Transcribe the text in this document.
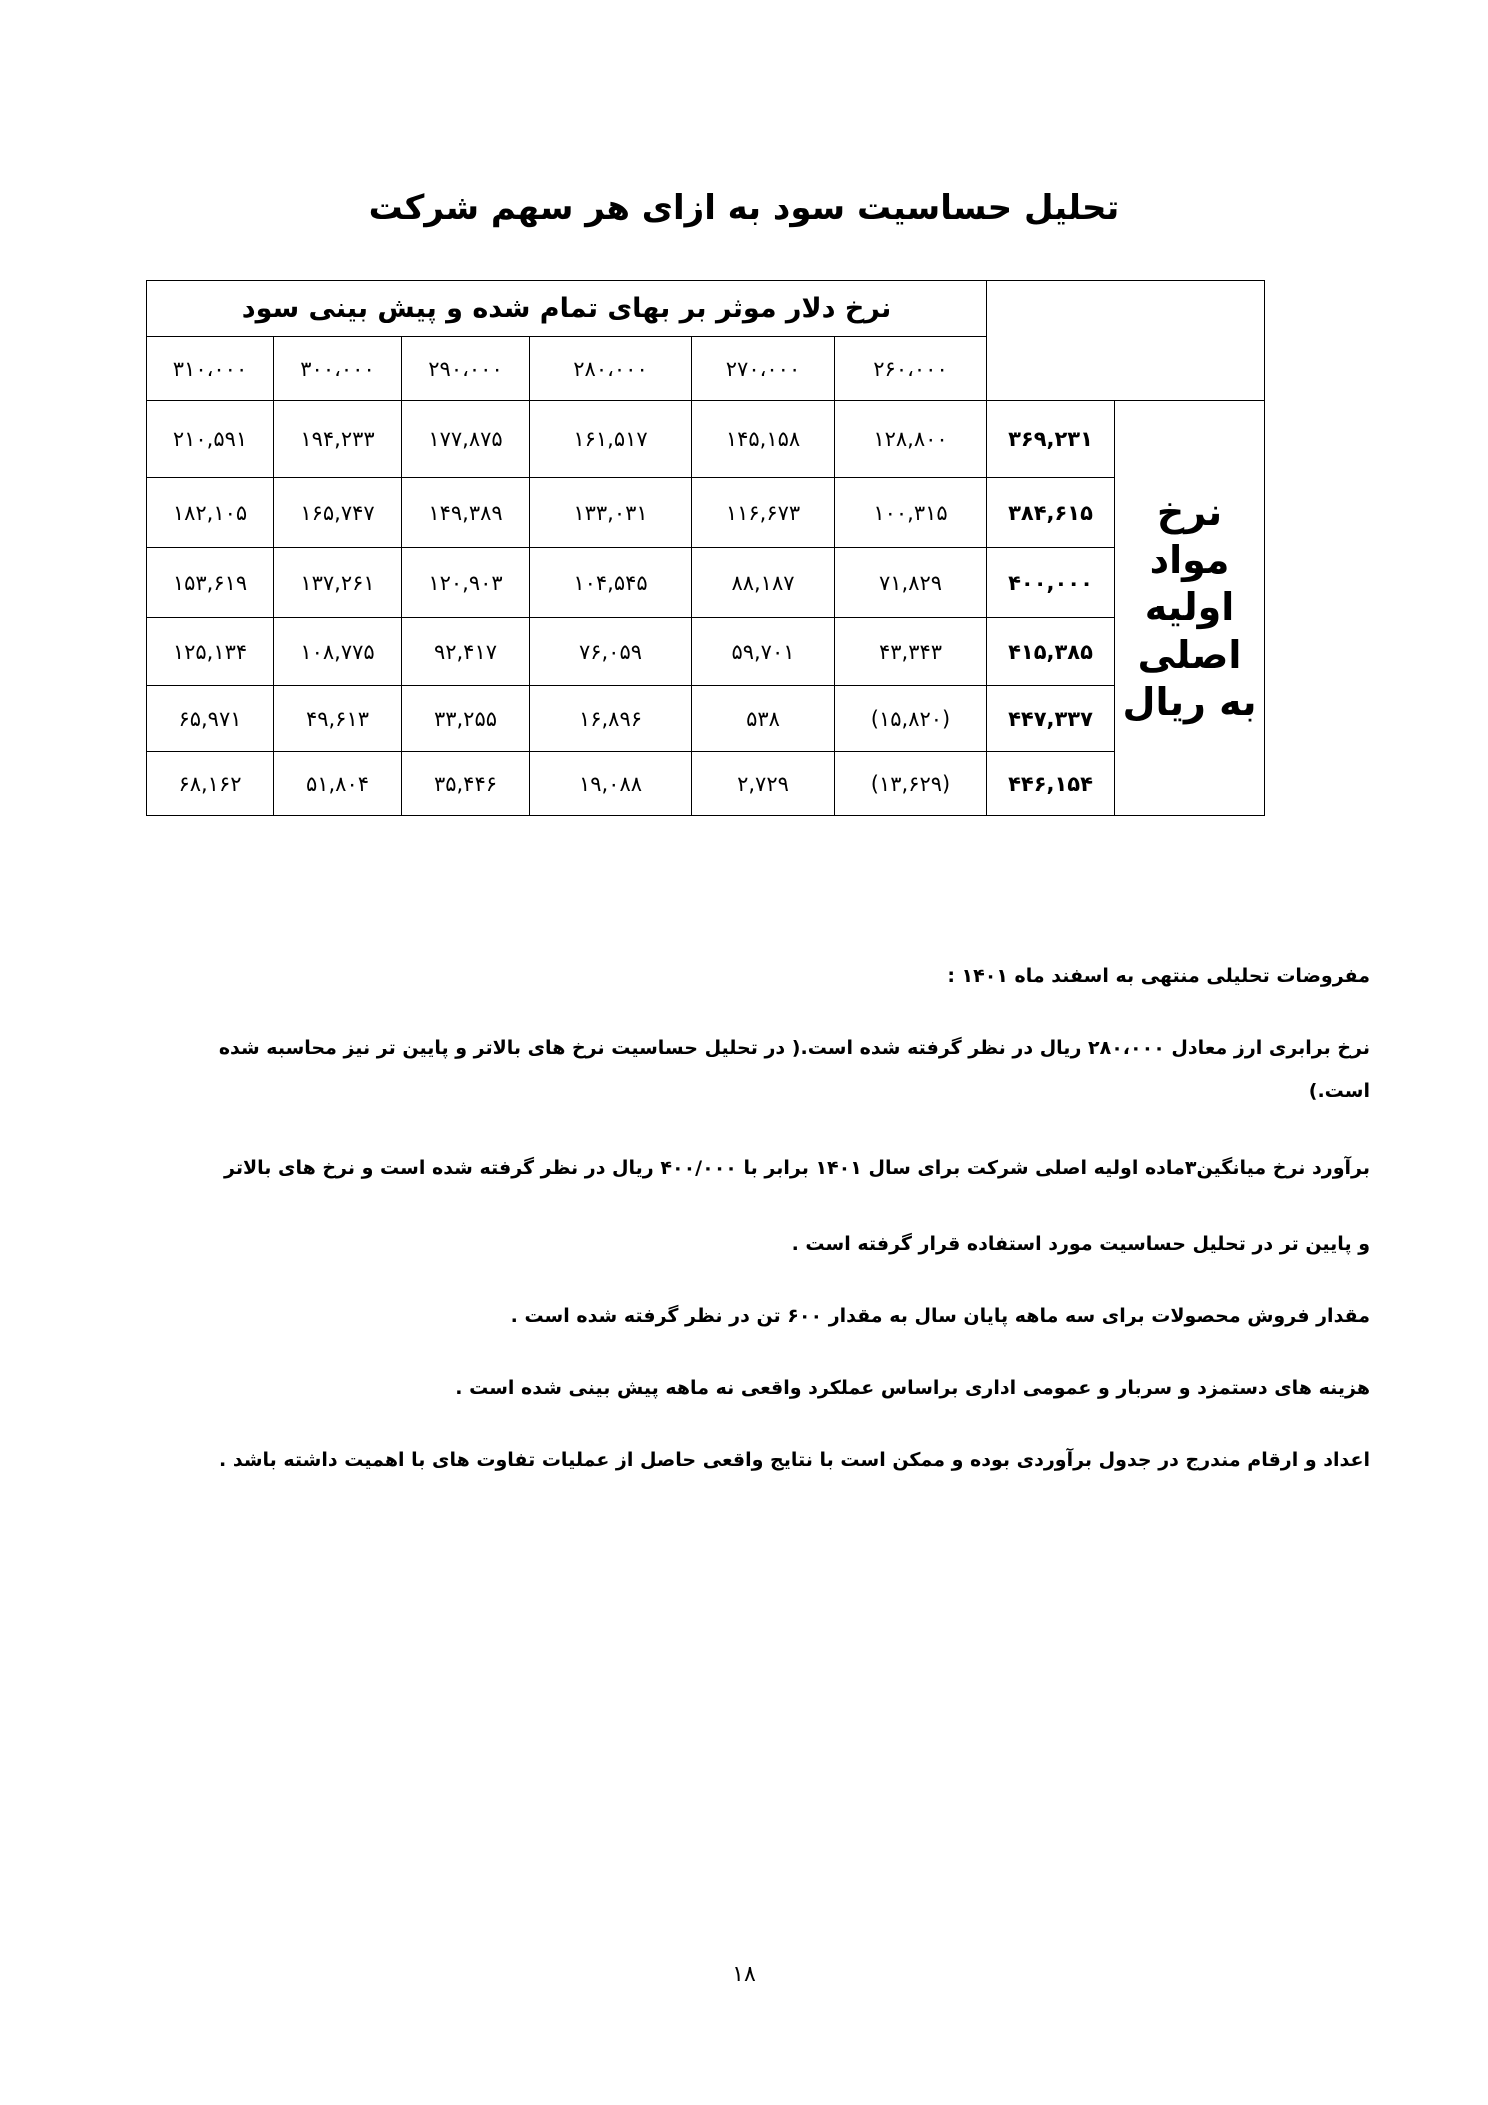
تحلیل حساسیت سود به ازای هر سهم شرکت
نرخ دلار موثر بر بهای تمام شده و پیش بینی سود							
۳۱۰،۰۰۰	۳۰۰،۰۰۰	۲۹۰،۰۰۰	۲۸۰،۰۰۰	۲۷۰،۰۰۰	۲۶۰،۰۰۰		
۲۱۰,۵۹۱	۱۹۴,۲۳۳	۱۷۷,۸۷۵	۱۶۱,۵۱۷	۱۴۵,۱۵۸	۱۲۸,۸۰۰	۳۶۹,۲۳۱	نرخ مواد اولیه اصلی به ریال
۱۸۲,۱۰۵	۱۶۵,۷۴۷	۱۴۹,۳۸۹	۱۳۳,۰۳۱	۱۱۶,۶۷۳	۱۰۰,۳۱۵	۳۸۴,۶۱۵	
۱۵۳,۶۱۹	۱۳۷,۲۶۱	۱۲۰,۹۰۳	۱۰۴,۵۴۵	۸۸,۱۸۷	۷۱,۸۲۹	۴۰۰,۰۰۰	
۱۲۵,۱۳۴	۱۰۸,۷۷۵	۹۲,۴۱۷	۷۶,۰۵۹	۵۹,۷۰۱	۴۳,۳۴۳	۴۱۵,۳۸۵	
۶۵,۹۷۱	۴۹,۶۱۳	۳۳,۲۵۵	۱۶,۸۹۶	۵۳۸	(۱۵,۸۲۰)	۴۴۷,۳۳۷	
۶۸,۱۶۲	۵۱,۸۰۴	۳۵,۴۴۶	۱۹,۰۸۸	۲,۷۲۹	(۱۳,۶۲۹)	۴۴۶,۱۵۴	

مفروضات تحلیلی منتهی به اسفند ماه ۱۴۰۱ :

نرخ برابری ارز معادل ۲۸۰،۰۰۰ ریال در نظر گرفته شده است.( در تحلیل حساسیت نرخ های بالاتر و پایین تر نیز محاسبه شده است.)

برآورد نرخ میانگین۳ماده اولیه اصلی شرکت برای سال ۱۴۰۱ برابر با ۴۰۰/۰۰۰ ریال در نظر گرفته شده است و نرخ های بالاتر

و پایین تر در تحلیل حساسیت مورد استفاده قرار گرفته است .

مقدار فروش محصولات برای سه ماهه پایان سال به مقدار ۶۰۰ تن در نظر گرفته شده است .

هزینه های دستمزد و سربار و عمومی اداری براساس عملکرد واقعی نه ماهه پیش بینی شده است .

اعداد و ارقام مندرج در جدول برآوردی بوده و ممکن است با نتایج واقعی حاصل از عملیات تفاوت های با اهمیت داشته باشد .

۱۸
